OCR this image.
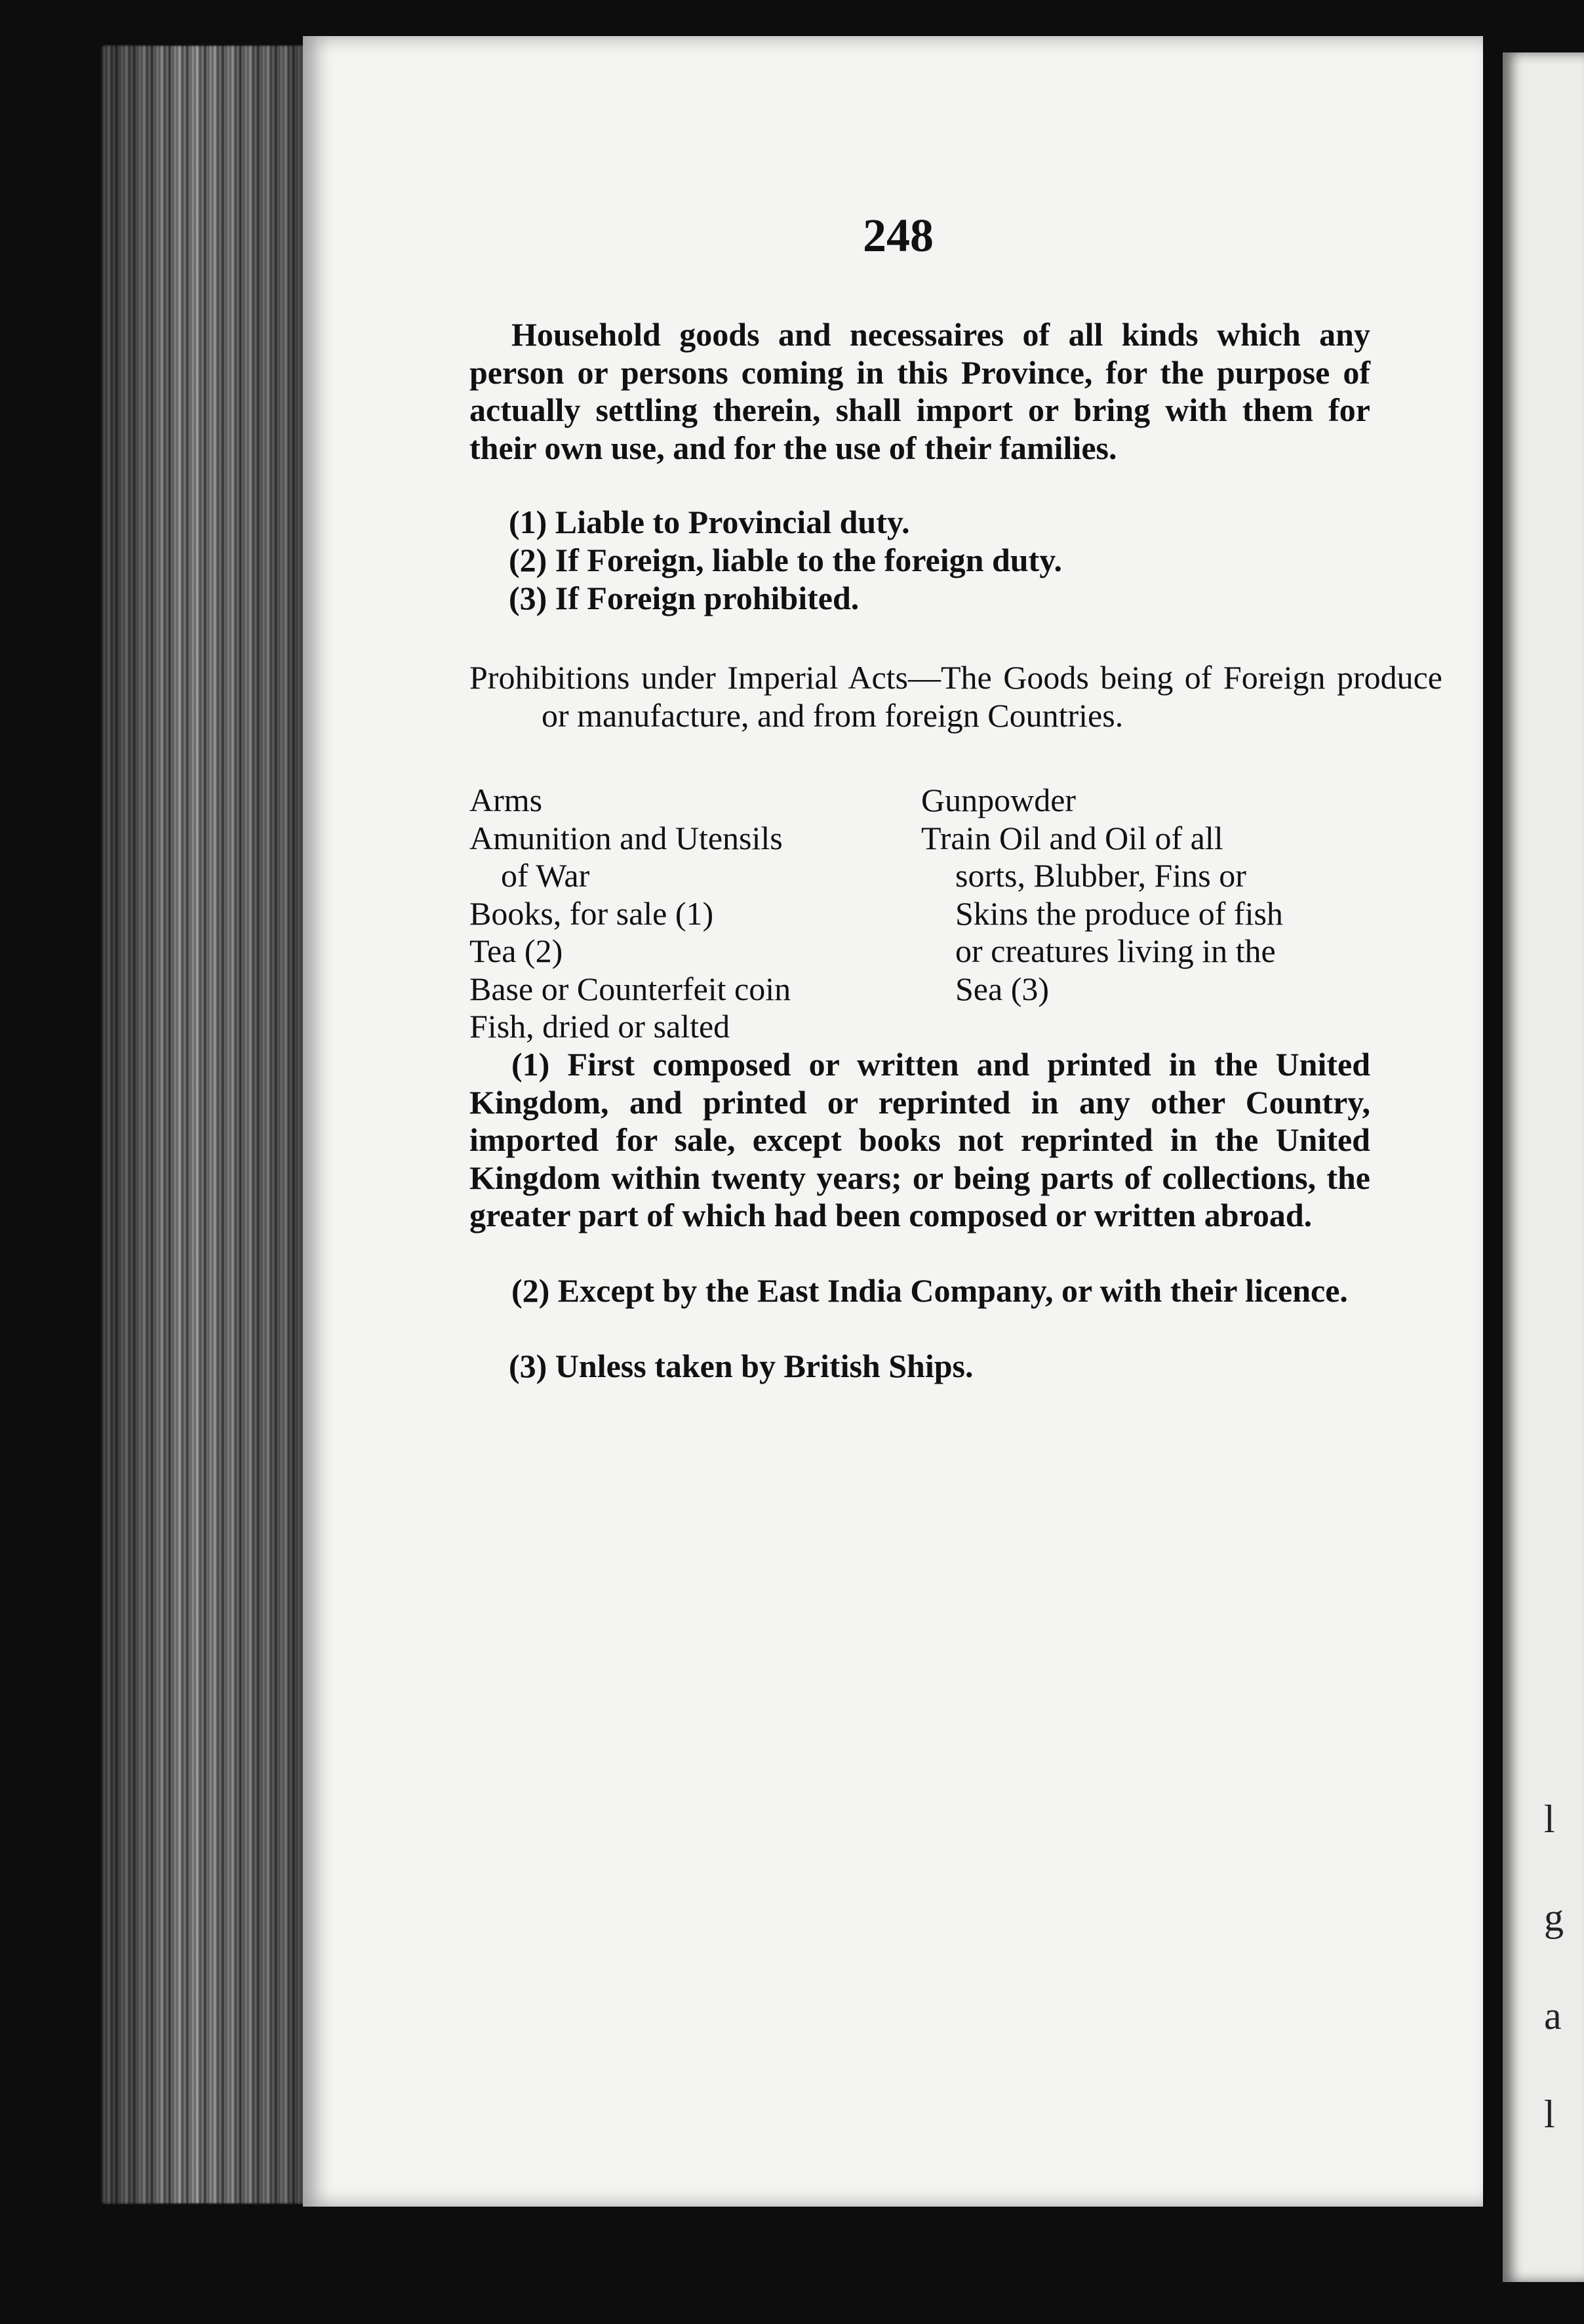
l
g
a
l
248
Household goods and necessaires of all kinds which any person or persons coming in this Province, for the purpose of actually settling therein, shall import or bring with them for their own use, and for the use of their families.
(1) Liable to Provincial duty.
(2) If Foreign, liable to the foreign duty.
(3) If Foreign prohibited.
Prohibitions under Imperial Acts—The Goods being of Foreign produce or manufacture, and from foreign Countries.
Arms
Amunition and Utensils
of War
Books, for sale (1)
Tea (2)
Base or Counterfeit coin
Fish, dried or salted
Gunpowder
Train Oil and Oil of all
sorts, Blubber, Fins or
Skins the produce of fish
or creatures living in the
Sea (3)
(1) First composed or written and printed in the United Kingdom, and printed or reprinted in any other Country, imported for sale, except books not reprinted in the United Kingdom within twenty years; or being parts of collections, the greater part of which had been composed or written abroad.
(2) Except by the East India Company, or with their licence.
(3) Unless taken by British Ships.
